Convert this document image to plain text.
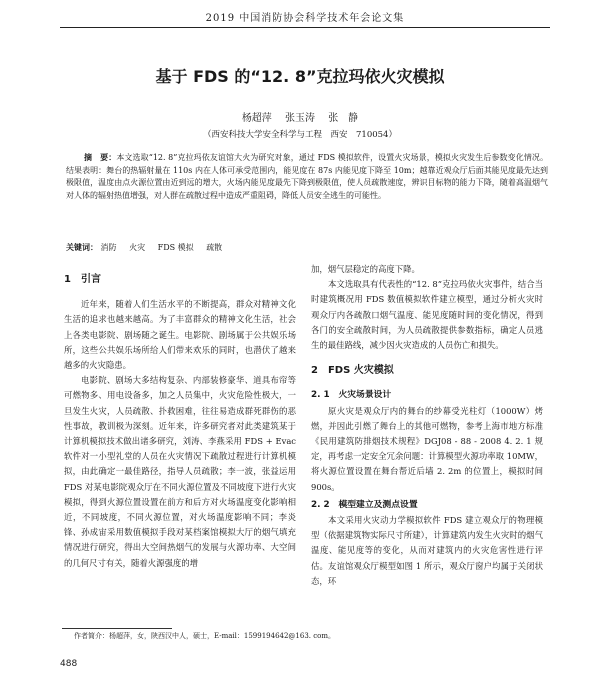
2019 中国消防协会科学技术年会论文集
基于 FDS 的“12. 8”克拉玛依火灾模拟
杨超萍 张玉涛 张　静
（西安科技大学安全科学与工程　西安　710054）
摘　要：本文选取“12. 8”克拉玛依友谊馆大火为研究对象，通过 FDS 模拟软件，设置火灾场景，模拟火灾发生后参数变化情况。结果表明：舞台的热辐射量在 110s 内在人体可承受范围内，能见度在 87s 内能见度下降至 10m；越靠近观众厅后面其能见度最先达到极限值，温度由点火源位置由近到远的增大，火场内能见度最先下降到极限值，使人员疏散速度，辨识目标物的能力下降，随着高温烟气对人体的辐射热值增强，对人群在疏散过程中造成严重阻碍，降低人员安全逃生的可能性。
关键词： 消防 火灾 FDS 模拟 疏散
1　引言

近年来，随着人们生活水平的不断提高，群众对精神文化生活的追求也越来越高。为了丰富群众的精神文化生活，社会上各类电影院、剧场随之诞生。电影院、剧场属于公共娱乐场所，这些公共娱乐场所给人们带来欢乐的同时，也潜伏了越来越多的火灾隐患。

电影院、剧场大多结构复杂、内部装修豪华、道具布帘等可燃物多、用电设备多，加之人员集中，火灾危险性极大，一旦发生火灾，人员疏散、扑救困难，往往易造成群死群伤的恶性事故，教训极为深刻。近年来，许多研究者对此类建筑某于计算机模拟技术做出诸多研究，刘涛、李燕采用 FDS + Evac 软件对一小型礼堂的人员在火灾情况下疏散过程进行计算机模拟，由此确定一最佳路径，指导人员疏散；李一波，张益运用 FDS 对某电影院观众厅在不同火源位置及不同坡度下进行火灾模拟，得到火源位置设置在前方和后方对火场温度变化影响相近，不同坡度，不同火源位置，对火场温度影响不同；李炎锋、孙成宙采用数值模拟手段对某档案馆模拟大厅的烟气填充情况进行研究，得出大空间热烟气的发展与火源功率、大空间的几何尺寸有关，随着火源强度的增

加，烟气层稳定的高度下降。

本文选取具有代表性的“12. 8”克拉玛依火灾事件，结合当时建筑概况用 FDS 数值模拟软件建立模型，通过分析火灾时观众厅内各疏散口烟气温度、能见度随时间的变化情况，得到各门的安全疏散时间，为人员疏散提供参数指标，确定人员逃生的最佳路线，减少因火灾造成的人员伤亡和损失。

2　FDS 火灾模拟
2. 1　火灾场景设计

原火灾是观众厅内的舞台的纱幕受光柱灯（1000W）烤燃，并因此引燃了舞台上的其他可燃物，参考上海市地方标准《民用建筑防排烟技术规程》DGJ08 - 88 - 2008 4. 2. 1 规定，再考虑一定安全冗余问题：计算模型火源功率取 10MW，将火源位置设置在舞台帮近后墙 2. 2m 的位置上，模拟时间 900s。

2. 2　模型建立及测点设置

本文采用火灾动力学模拟软件 FDS 建立观众厅的物理模型（依据建筑物实际尺寸所建），计算建筑内发生火灾时的烟气温度、能见度等的变化，从而对建筑内的火灾危害性进行评估。友谊馆观众厅模型如图 1 所示，观众厅窗户均属于关闭状态，环

作者简介：杨超萍，女，陕西汉中人，硕士，E-mail：1599194642@163. com。
488
